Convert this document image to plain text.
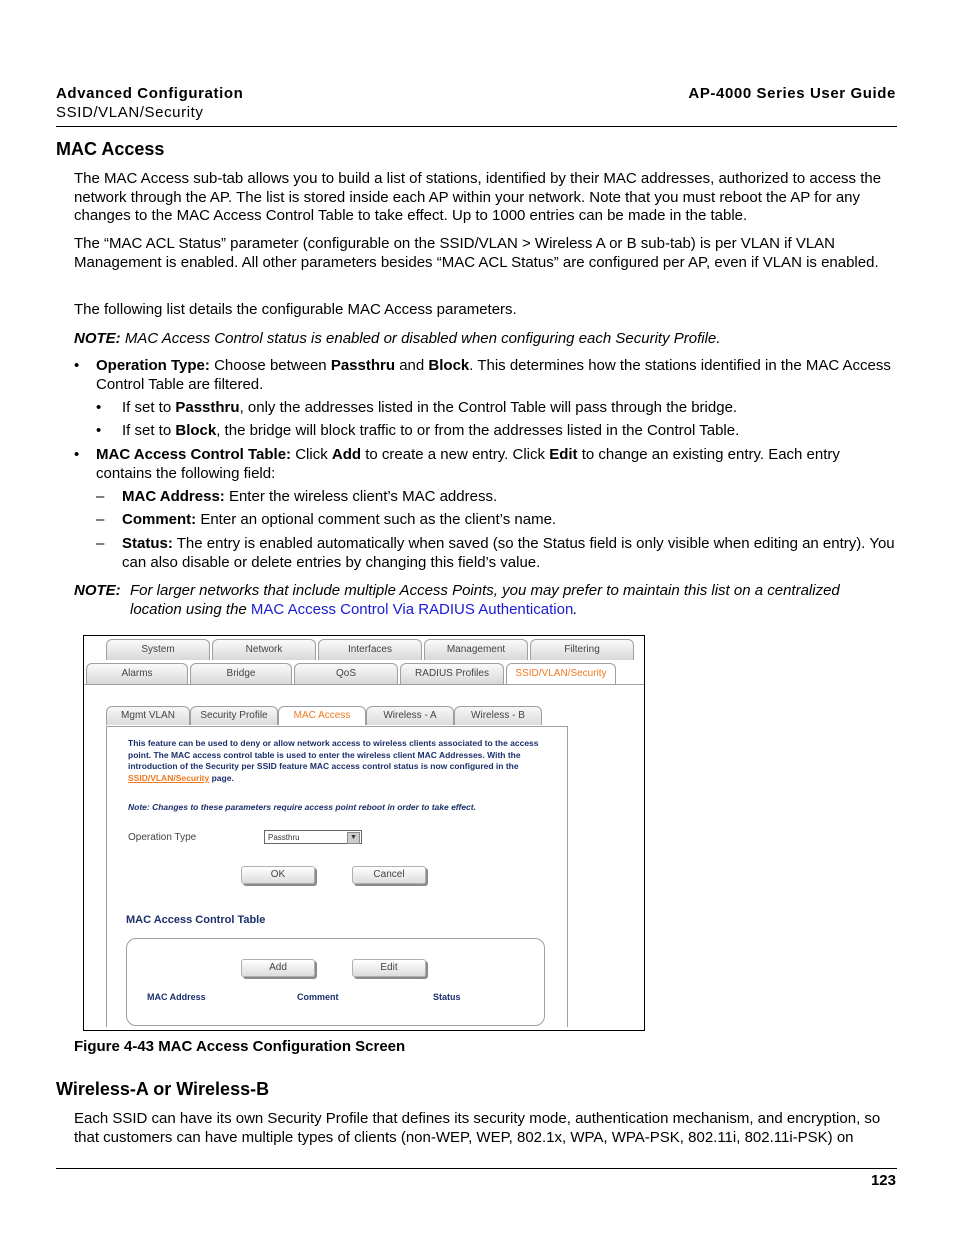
Advanced Configuration
SSID/VLAN/Security
AP-4000 Series User Guide
MAC Access
The MAC Access sub-tab allows you to build a list of stations, identified by their MAC addresses, authorized to access the network through the AP. The list is stored inside each AP within your network. Note that you must reboot the AP for any changes to the MAC Access Control Table to take effect. Up to 1000 entries can be made in the table.
The “MAC ACL Status” parameter (configurable on the SSID/VLAN > Wireless A or B sub-tab) is per VLAN if VLAN Management is enabled. All other parameters besides “MAC ACL Status” are configured per AP, even if VLAN is enabled.
The following list details the configurable MAC Access parameters.
NOTE: MAC Access Control status is enabled or disabled when configuring each Security Profile.
• Operation Type: Choose between Passthru and Block. This determines how the stations identified in the MAC Access Control Table are filtered.
• If set to Passthru, only the addresses listed in the Control Table will pass through the bridge.
• If set to Block, the bridge will block traffic to or from the addresses listed in the Control Table.
• MAC Access Control Table: Click Add to create a new entry. Click Edit to change an existing entry. Each entry contains the following field:
– MAC Address: Enter the wireless client’s MAC address.
– Comment: Enter an optional comment such as the client’s name.
– Status: The entry is enabled automatically when saved (so the Status field is only visible when editing an entry). You can also disable or delete entries by changing this field’s value.
NOTE: For larger networks that include multiple Access Points, you may prefer to maintain this list on a centralized location using the MAC Access Control Via RADIUS Authentication.
System	Network	Interfaces	Management	Filtering
Alarms	Bridge	QoS	RADIUS Profiles	SSID/VLAN/Security
Mgmt VLAN	Security Profile	MAC Access	Wireless - A	Wireless - B
This feature can be used to deny or allow network access to wireless clients associated to the access point. The MAC access control table is used to enter the wireless client MAC Addresses. With the introduction of the Security per SSID feature MAC access control status is now configured in the SSID/VLAN/Security page.
Note: Changes to these parameters require access point reboot in order to take effect.
Operation Type	Passthru	▼
OK	Cancel
MAC Access Control Table
Add	Edit
MAC Address	Comment	Status
Figure 4-43 MAC Access Configuration Screen
Wireless-A or Wireless-B
Each SSID can have its own Security Profile that defines its security mode, authentication mechanism, and encryption, so that customers can have multiple types of clients (non-WEP, WEP, 802.1x, WPA, WPA-PSK, 802.11i, 802.11i-PSK) on
123
